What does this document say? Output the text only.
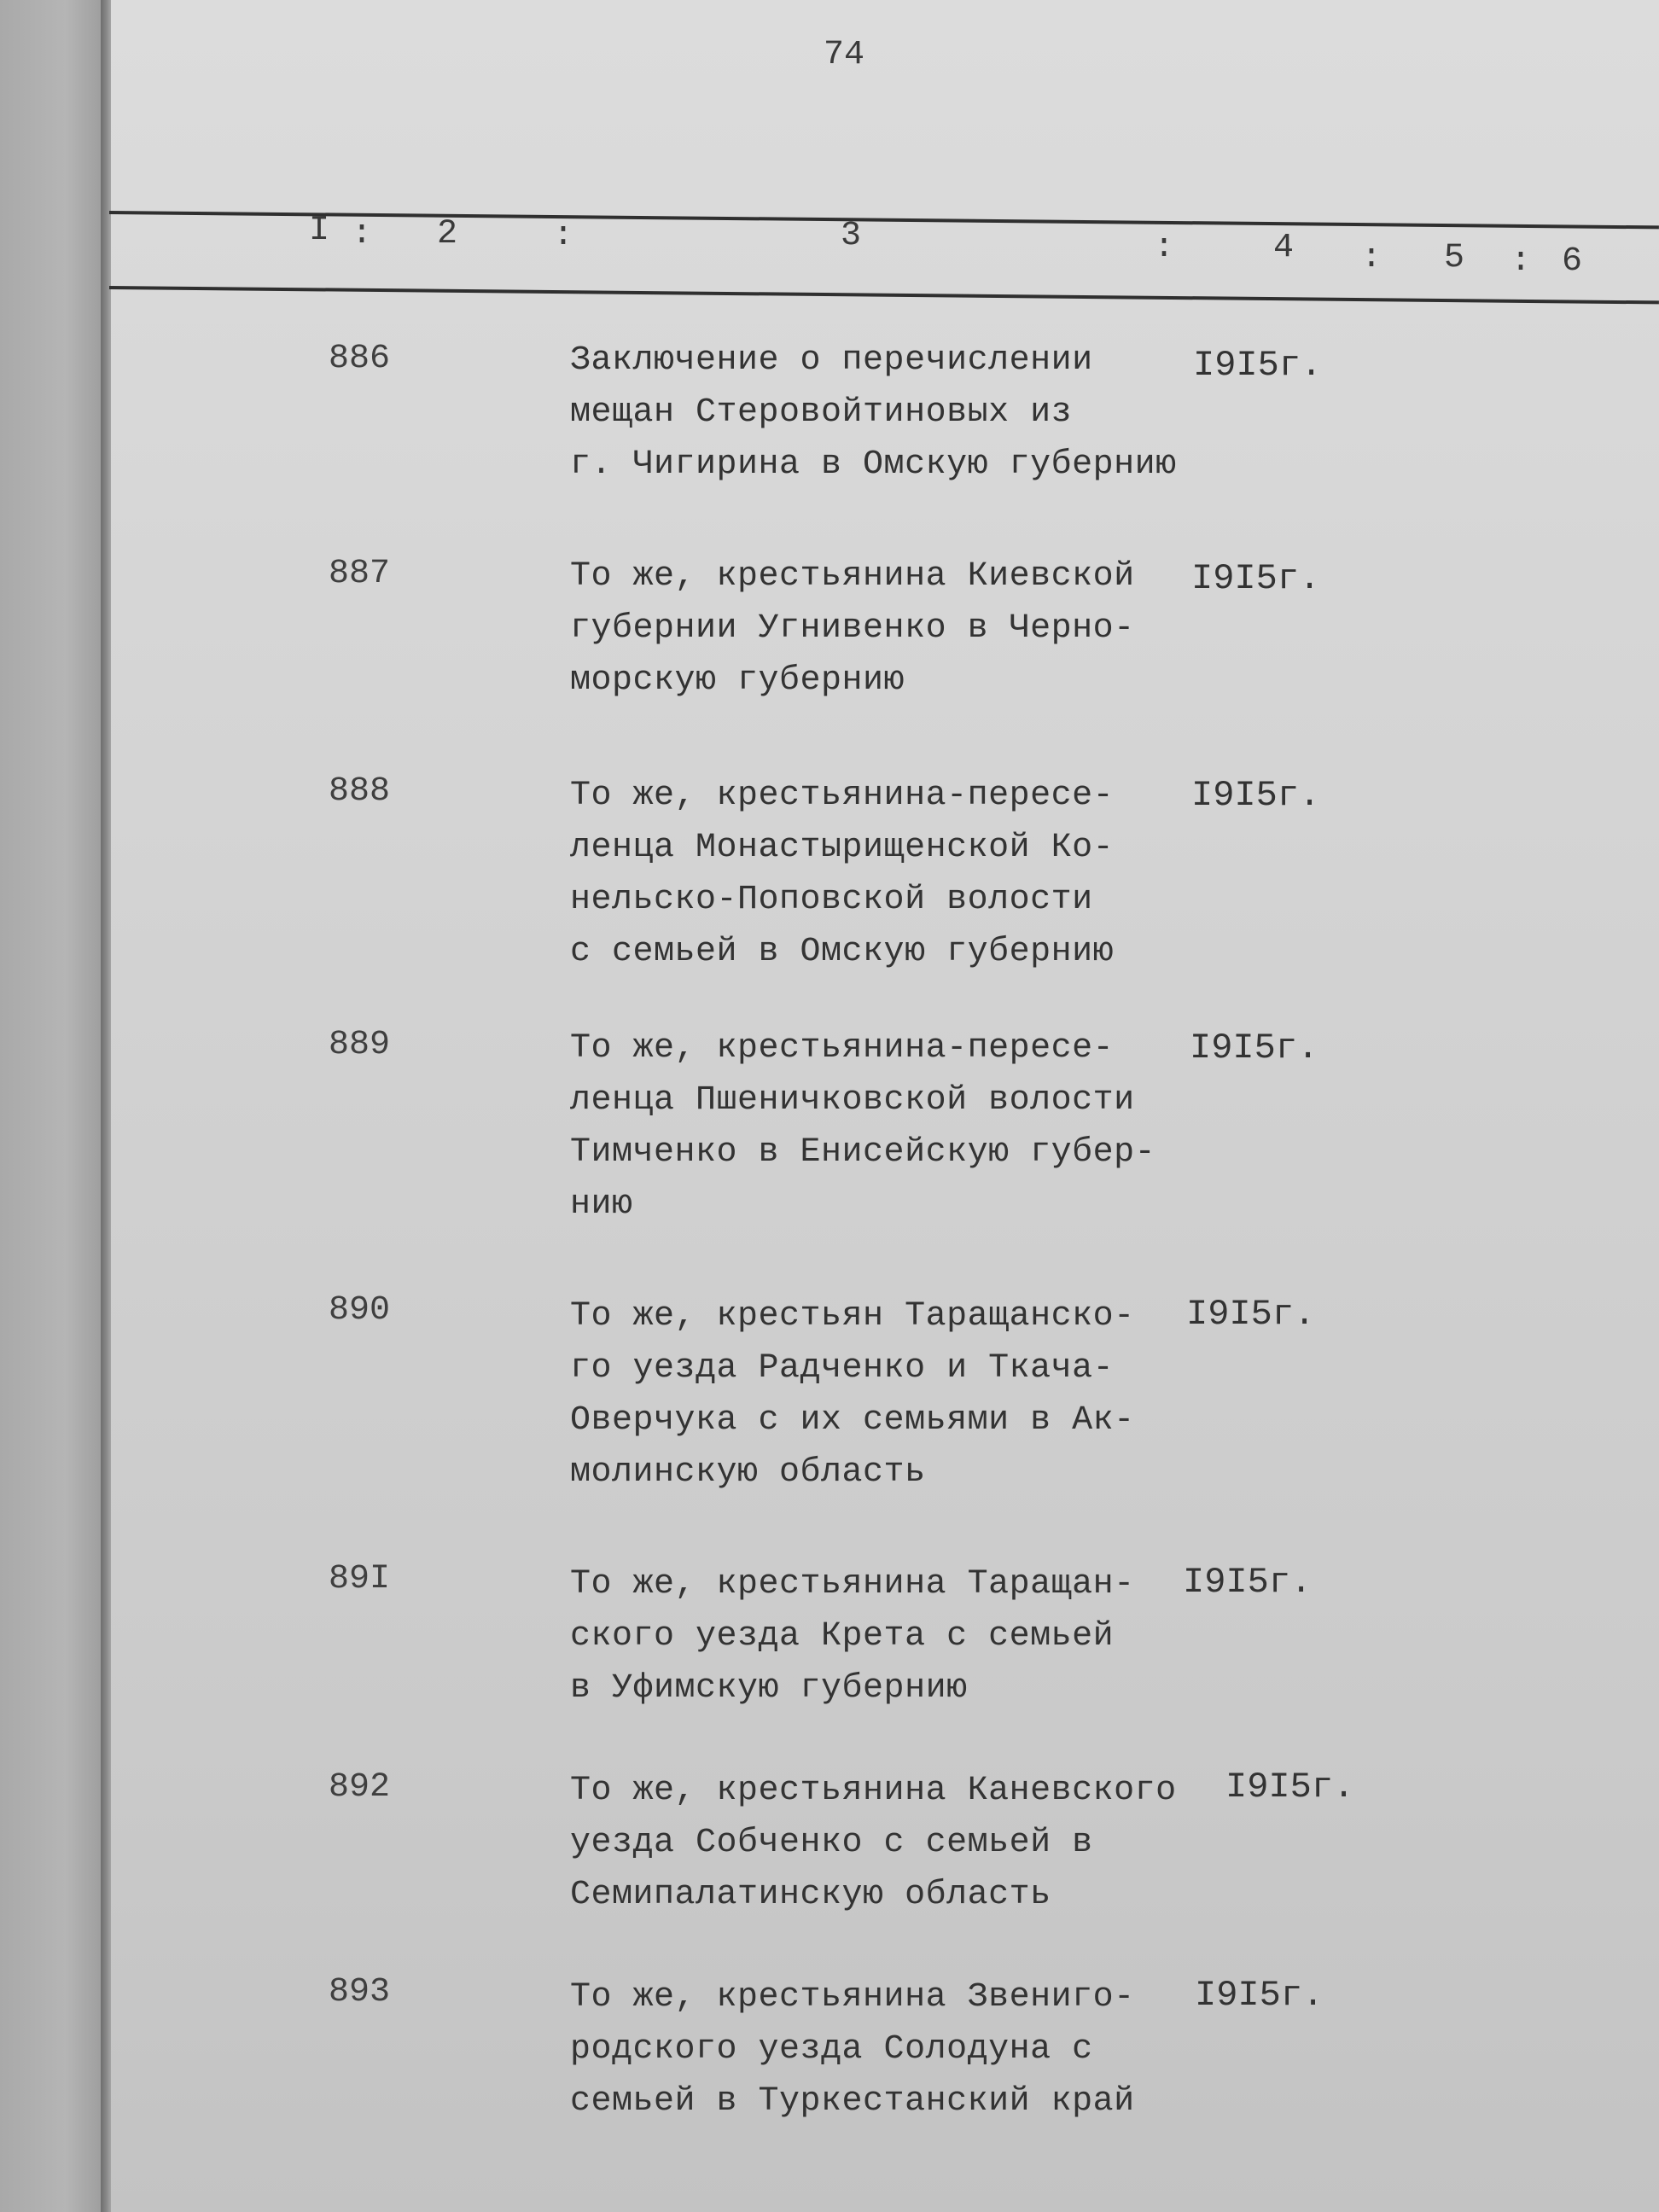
74
I : 2	:	3	:	4 : 5 : 6
886	Заключение о перечислении
мещан Стеровойтиновых из
г. Чигирина в Омскую губернию
I9I5г.
887	То же, крестьянина Киевской
губернии Угнивенко в Черно-
морскую губернию
I9I5г.
888	То же, крестьянина-пересе-
ленца Монастырищенской Ко-
нельско-Поповской волости
с семьей в Омскую губернию
I9I5г.
889	То же, крестьянина-пересе-
ленца Пшеничковской волости
Тимченко в Енисейскую губер-
нию
I9I5г.
890	То же, крестьян Таращанско-
го уезда Радченко и Ткача-
Оверчука с их семьями в Ак-
молинскую область
I9I5г.
89I	То же, крестьянина Таращан-
ского уезда Крета с семьей
в Уфимскую губернию
I9I5г.
892	То же, крестьянина Каневского
уезда Собченко с семьей в
Семипалатинскую область
I9I5г.
893	То же, крестьянина Звениго-
родского уезда Солодуна с
семьей в Туркестанский край
I9I5г.
